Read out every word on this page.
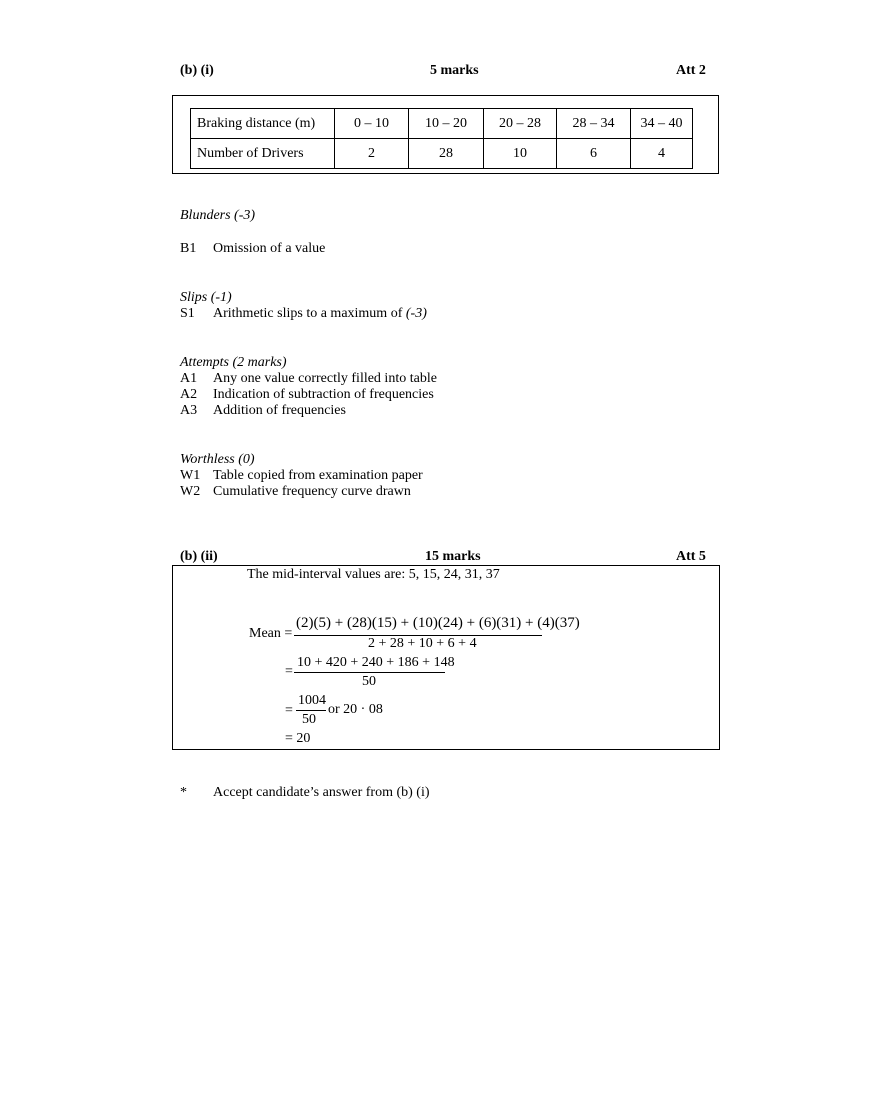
(b) (i)	5 marks	Att 2
Braking distance (m)	0 – 10	10 – 20	20 – 28	28 – 34	34 – 40
Number of Drivers	2	28	10	6	4
Blunders (-3)
B1 Omission of a value
Slips (-1)
S1 Arithmetic slips to a maximum of (-3)
Attempts (2 marks)
A1 Any one value correctly filled into table
A2 Indication of subtraction of frequencies
A3 Addition of frequencies
Worthless (0)
W1 Table copied from examination paper
W2 Cumulative frequency curve drawn
(b) (ii)	15 marks	Att 5
The mid-interval values are: 5, 15, 24, 31, 37
Mean =
(2)(5) + (28)(15) + (10)(24) + (6)(31) + (4)(37)
2 + 28 + 10 + 6 + 4
=
10 + 420 + 240 + 186 + 148
50
=
1004
50
or 20 · 08
= 20
* Accept candidate’s answer from (b) (i)
